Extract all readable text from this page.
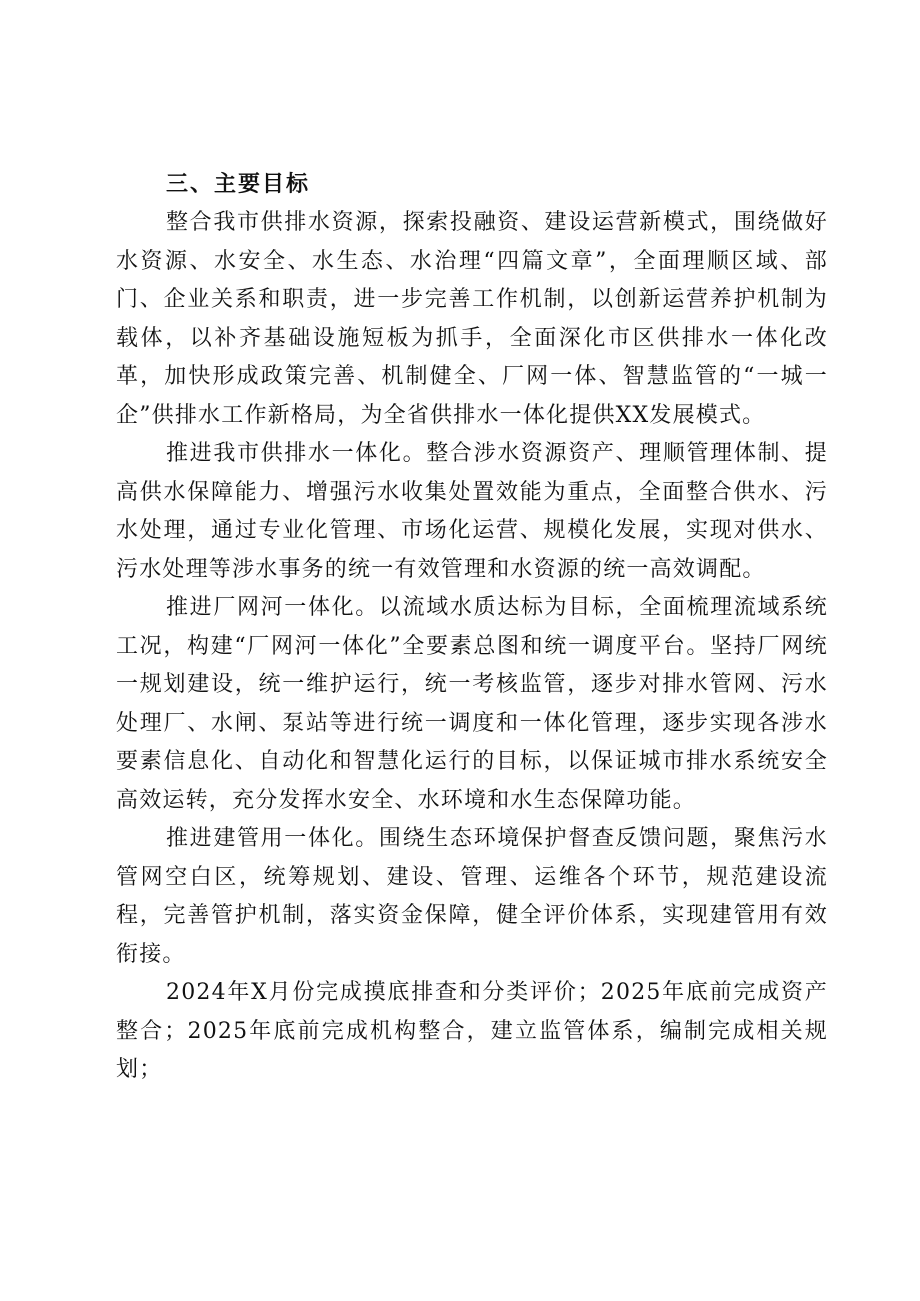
三、主要目标

整合我市供排水资源，探索投融资、建设运营新模式，围绕做好水资源、水安全、水生态、水治理“四篇文章”，全面理顺区域、部门、企业关系和职责，进一步完善工作机制，以创新运营养护机制为载体，以补齐基础设施短板为抓手，全面深化市区供排水一体化改革，加快形成政策完善、机制健全、厂网一体、智慧监管的“一城一企”供排水工作新格局，为全省供排水一体化提供XX发展模式。

推进我市供排水一体化。整合涉水资源资产、理顺管理体制、提高供水保障能力、增强污水收集处置效能为重点，全面整合供水、污水处理，通过专业化管理、市场化运营、规模化发展，实现对供水、污水处理等涉水事务的统一有效管理和水资源的统一高效调配。

推进厂网河一体化。以流域水质达标为目标，全面梳理流域系统工况，构建“厂网河一体化”全要素总图和统一调度平台。坚持厂网统一规划建设，统一维护运行，统一考核监管，逐步对排水管网、污水处理厂、水闸、泵站等进行统一调度和一体化管理，逐步实现各涉水要素信息化、自动化和智慧化运行的目标，以保证城市排水系统安全高效运转，充分发挥水安全、水环境和水生态保障功能。

推进建管用一体化。围绕生态环境保护督查反馈问题，聚焦污水管网空白区，统筹规划、建设、管理、运维各个环节，规范建设流程，完善管护机制，落实资金保障，健全评价体系，实现建管用有效衔接。

2024年X月份完成摸底排查和分类评价；2025年底前完成资产整合；2025年底前完成机构整合，建立监管体系，编制完成相关规划；
